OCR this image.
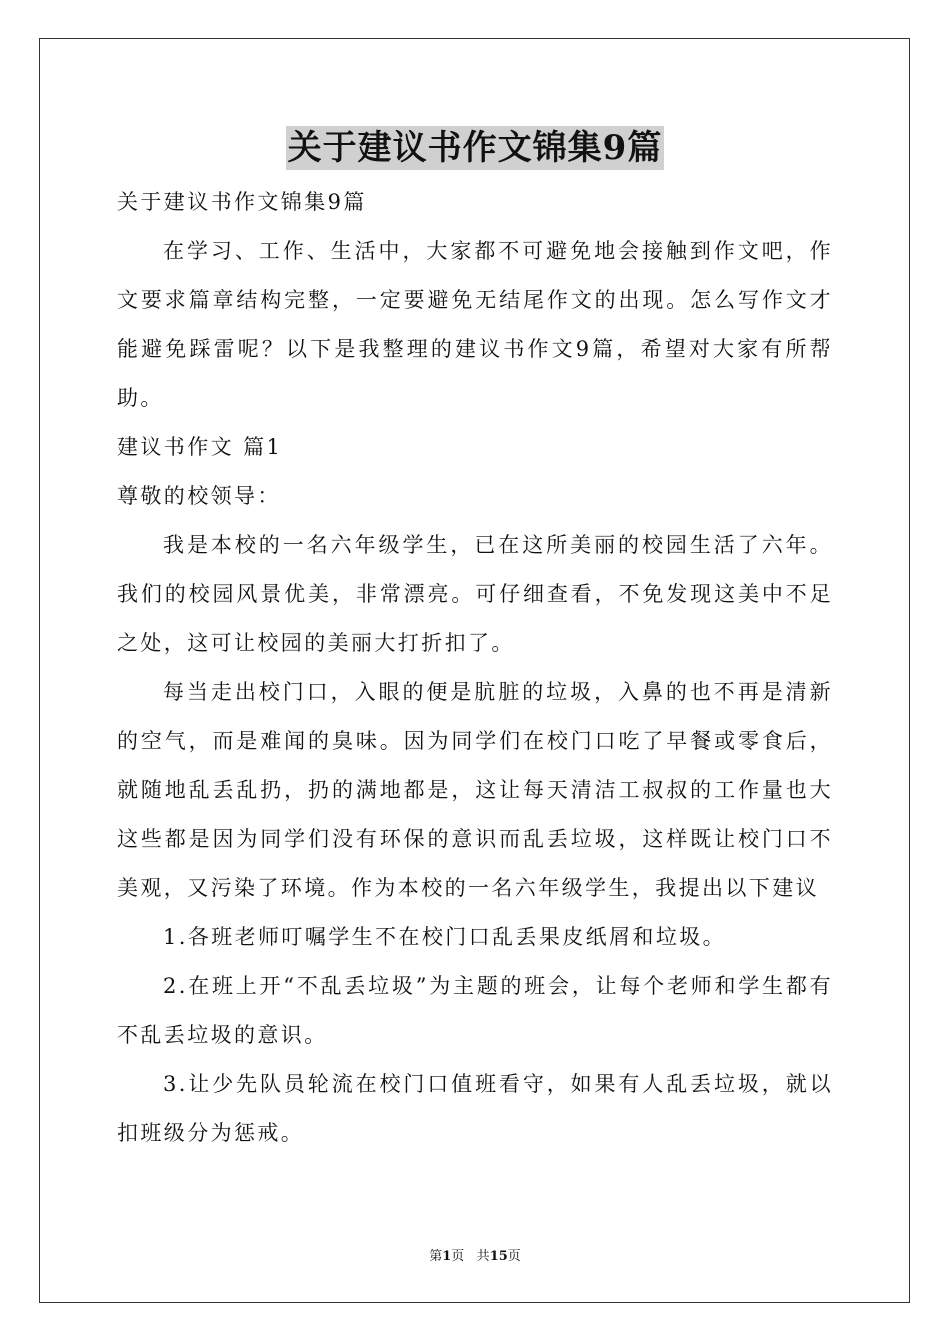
关于建议书作文锦集9篇

关于建议书作文锦集9篇

在学习、工作、生活中，大家都不可避免地会接触到作文吧，作文要求篇章结构完整，一定要避免无结尾作文的出现。怎么写作文才能避免踩雷呢？以下是我整理的建议书作文9篇，希望对大家有所帮助。

建议书作文 篇1

尊敬的校领导：

我是本校的一名六年级学生，已在这所美丽的校园生活了六年。我们的校园风景优美，非常漂亮。可仔细查看，不免发现这美中不足之处，这可让校园的美丽大打折扣了。

每当走出校门口，入眼的便是肮脏的垃圾，入鼻的也不再是清新的空气，而是难闻的臭味。因为同学们在校门口吃了早餐或零食后，就随地乱丢乱扔，扔的满地都是，这让每天清洁工叔叔的工作量也大这些都是因为同学们没有环保的意识而乱丢垃圾，这样既让校门口不美观，又污染了环境。作为本校的一名六年级学生，我提出以下建议

1.各班老师叮嘱学生不在校门口乱丢果皮纸屑和垃圾。

2.在班上开“不乱丢垃圾”为主题的班会，让每个老师和学生都有不乱丢垃圾的意识。

3.让少先队员轮流在校门口值班看守，如果有人乱丢垃圾，就以扣班级分为惩戒。

第1页 共15页
